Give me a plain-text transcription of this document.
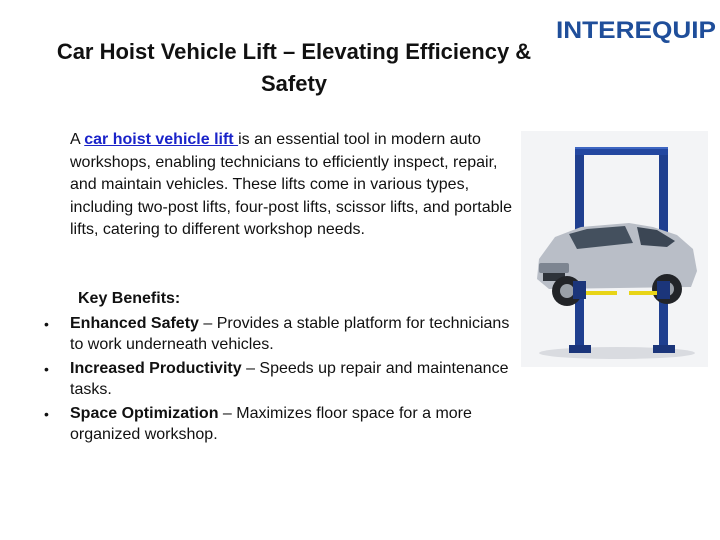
INTEREQUIP
Car Hoist Vehicle Lift – Elevating Efficiency & Safety
A car hoist vehicle lift is an essential tool in modern auto workshops, enabling technicians to efficiently inspect, repair, and maintain vehicles. These lifts come in various types, including two-post lifts, four-post lifts, scissor lifts, and portable lifts, catering to different workshop needs.
Key Benefits:
• Enhanced Safety – Provides a stable platform for technicians to work underneath vehicles.
• Increased Productivity – Speeds up repair and maintenance tasks.
• Space Optimization – Maximizes floor space for a more organized workshop.
